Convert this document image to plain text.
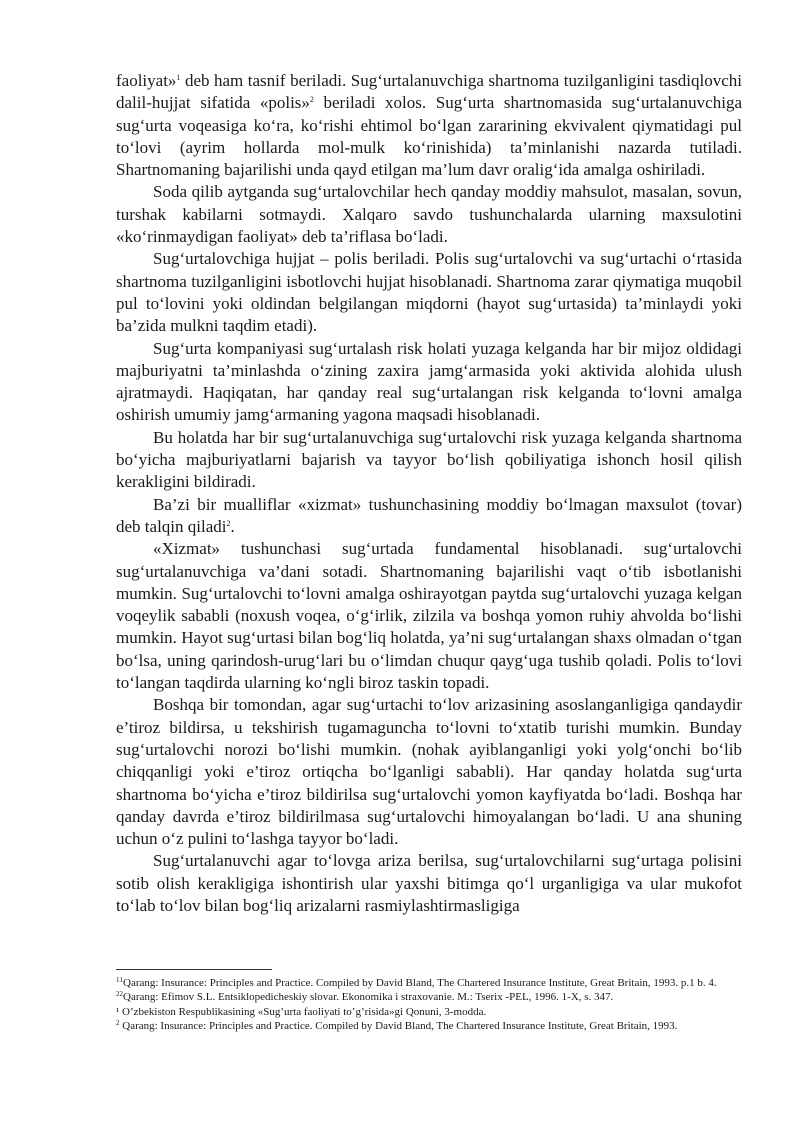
faoliyat»$^1$ deb ham tasnif beriladi. Sug‘urtalanuvchiga shartnoma tuzilganligini tasdiqlovchi dalil-hujjat sifatida «polis»$^2$ beriladi xolos. Sug‘urta shartnomasida sug‘urtalanuvchiga sug‘urta voqeasiga ko‘ra, ko‘rishi ehtimol bo‘lgan zararining ekvivalent qiymatidagi pul to‘lovi (ayrim hollarda mol-mulk ko‘rinishida) ta’minlanishi nazarda tutiladi. Shartnomaning bajarilishi unda qayd etilgan ma’lum davr oralig‘ida amalga oshiriladi.

Soda qilib aytganda sug‘urtalovchilar hech qanday moddiy mahsulot, masalan, sovun, turshak kabilarni sotmaydi. Xalqaro savdo tushunchalarda ularning maxsulotini «ko‘rinmaydigan faoliyat» deb ta’riflasa bo‘ladi.

Sug‘urtalovchiga hujjat – polis beriladi. Polis sug‘urtalovchi va sug‘urtachi o‘rtasida shartnoma tuzilganligini isbotlovchi hujjat hisoblanadi. Shartnoma zarar qiymatiga muqobil pul to‘lovini yoki oldindan belgilangan miqdorni (hayot sug‘urtasida) ta’minlaydi yoki ba’zida mulkni taqdim etadi).

Sug‘urta kompaniyasi sug‘urtalash risk holati yuzaga kelganda har bir mijoz oldidagi majburiyatni ta’minlashda o‘zining zaxira jamg‘armasida yoki aktivida alohida ulush ajratmaydi. Haqiqatan, har qanday real sug‘urtalangan risk kelganda to‘lovni amalga oshirish umumiy jamg‘armaning yagona maqsadi hisoblanadi.

Bu holatda har bir sug‘urtalanuvchiga sug‘urtalovchi risk yuzaga kelganda shartnoma bo‘yicha majburiyatlarni bajarish va tayyor bo‘lish qobiliyatiga ishonch hosil qilish kerakligini bildiradi.

Ba’zi bir mualliflar «xizmat» tushunchasining moddiy bo‘lmagan maxsulot (tovar) deb talqin qiladi$^2$.

«Xizmat» tushunchasi sug‘urtada fundamental hisoblanadi. sug‘urtalovchi sug‘urtalanuvchiga va’dani sotadi. Shartnomaning bajarilishi vaqt o‘tib isbotlanishi mumkin. Sug‘urtalovchi to‘lovni amalga oshirayotgan paytda sug‘urtalovchi yuzaga kelgan voqeylik sababli (noxush voqea, o‘g‘irlik, zilzila va boshqa yomon ruhiy ahvolda bo‘lishi mumkin. Hayot sug‘urtasi bilan bog‘liq holatda, ya’ni sug‘urtalangan shaxs olmadan o‘tgan bo‘lsa, uning qarindosh-urug‘lari bu o‘limdan chuqur qayg‘uga tushib qoladi. Polis to‘lovi to‘langan taqdirda ularning ko‘ngli biroz taskin topadi.

Boshqa bir tomondan, agar sug‘urtachi to‘lov arizasining asoslanganligiga qandaydir e’tiroz bildirsa, u tekshirish tugamaguncha to‘lovni to‘xtatib turishi mumkin. Bunday sug‘urtalovchi norozi bo‘lishi mumkin. (nohak ayiblanganligi yoki yolg‘onchi bo‘lib chiqqanligi yoki e’tiroz ortiqcha bo‘lganligi sababli). Har qanday holatda sug‘urta shartnoma bo‘yicha e’tiroz bildirilsa sug‘urtalovchi yomon kayfiyatda bo‘ladi. Boshqa har qanday davrda e’tiroz bildirilmasa sug‘urtalovchi himoyalangan bo‘ladi. U ana shuning uchun o‘z pulini to‘lashga tayyor bo‘ladi.

Sug‘urtalanuvchi agar to‘lovga ariza berilsa, sug‘urtalovchilarni sug‘urtaga polisini sotib olish kerakligiga ishontirish ular yaxshi bitimga qo‘l urganligiga va ular mukofot to‘lab to‘lov bilan bog‘liq arizalarni rasmiylashtirmasligiga

$^{11}$Qarang: Insurance: Principles and Practice. Compiled by David Bland, The Chartered Insurance Institute, Great Britain, 1993. p.1 b. 4.

$^{22}$Qarang: Efimov S.L. Entsiklopedicheskiy slovar. Ekonomika i straxovanie. M.: Tserix -PEL, 1996. 1-X, s. 347.

¹ O’zbekiston Respublikasining «Sug’urta faoliyati to’g’risida»gi Qonuni, 3-modda.

$^2$ Qarang: Insurance: Principles and Practice. Compiled by David Bland, The Chartered Insurance Institute, Great Britain, 1993.
